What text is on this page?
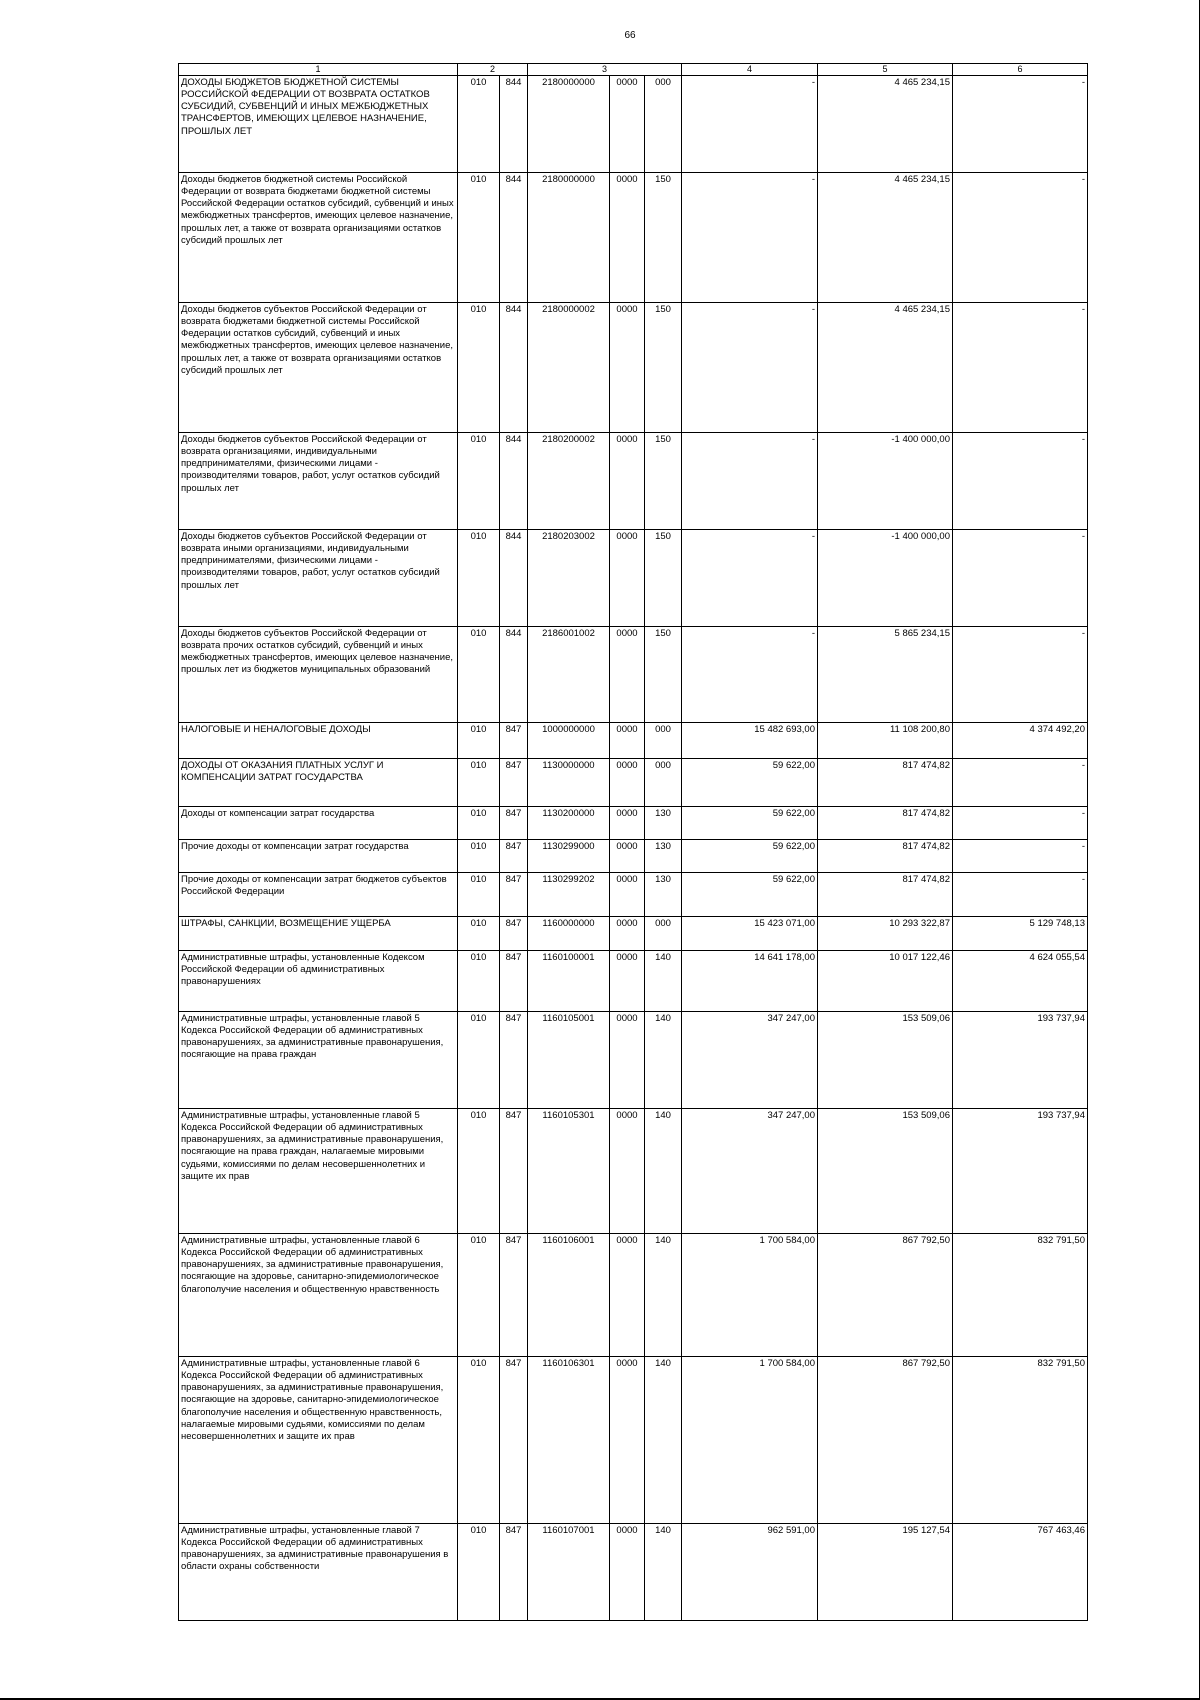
66
1	2		3			4	5	6
ДОХОДЫ БЮДЖЕТОВ БЮДЖЕТНОЙ СИСТЕМЫ РОССИЙСКОЙ ФЕДЕРАЦИИ ОТ ВОЗВРАТА ОСТАТКОВ СУБСИДИЙ, СУБВЕНЦИЙ И ИНЫХ МЕЖБЮДЖЕТНЫХ ТРАНСФЕРТОВ, ИМЕЮЩИХ ЦЕЛЕВОЕ НАЗНАЧЕНИЕ, ПРОШЛЫХ ЛЕТ	010	844	2180000000	0000	000	-	4 465 234,15	-
Доходы бюджетов бюджетной системы Российской Федерации от возврата бюджетами бюджетной системы Российской Федерации остатков субсидий, субвенций и иных межбюджетных трансфертов, имеющих целевое назначение, прошлых лет, а также от возврата организациями остатков субсидий прошлых лет	010	844	2180000000	0000	150	-	4 465 234,15	-
Доходы бюджетов субъектов Российской Федерации от возврата бюджетами бюджетной системы Российской Федерации остатков субсидий, субвенций и иных межбюджетных трансфертов, имеющих целевое назначение, прошлых лет, а также от возврата организациями остатков субсидий прошлых лет	010	844	2180000002	0000	150	-	4 465 234,15	-
Доходы бюджетов субъектов Российской Федерации от возврата организациями, индивидуальными предпринимателями, физическими лицами - производителями товаров, работ, услуг остатков субсидий прошлых лет	010	844	2180200002	0000	150	-	-1 400 000,00	-
Доходы бюджетов субъектов Российской Федерации от возврата иными организациями, индивидуальными предпринимателями, физическими лицами - производителями товаров, работ, услуг остатков субсидий прошлых лет	010	844	2180203002	0000	150	-	-1 400 000,00	-
Доходы бюджетов субъектов Российской Федерации от возврата прочих остатков субсидий, субвенций и иных межбюджетных трансфертов, имеющих целевое назначение, прошлых лет из бюджетов муниципальных образований	010	844	2186001002	0000	150	-	5 865 234,15	-
НАЛОГОВЫЕ И НЕНАЛОГОВЫЕ ДОХОДЫ	010	847	1000000000	0000	000	15 482 693,00	11 108 200,80	4 374 492,20
ДОХОДЫ ОТ ОКАЗАНИЯ ПЛАТНЫХ УСЛУГ И КОМПЕНСАЦИИ ЗАТРАТ ГОСУДАРСТВА	010	847	1130000000	0000	000	59 622,00	817 474,82	-
Доходы от компенсации затрат государства	010	847	1130200000	0000	130	59 622,00	817 474,82	-
Прочие доходы от компенсации затрат государства	010	847	1130299000	0000	130	59 622,00	817 474,82	-
Прочие доходы от компенсации затрат бюджетов субъектов Российской Федерации	010	847	1130299202	0000	130	59 622,00	817 474,82	-
ШТРАФЫ, САНКЦИИ, ВОЗМЕЩЕНИЕ УЩЕРБА	010	847	1160000000	0000	000	15 423 071,00	10 293 322,87	5 129 748,13
Административные штрафы, установленные Кодексом Российской Федерации об административных правонарушениях	010	847	1160100001	0000	140	14 641 178,00	10 017 122,46	4 624 055,54
Административные штрафы, установленные главой 5 Кодекса Российской Федерации об административных правонарушениях, за административные правонарушения, посягающие на права граждан	010	847	1160105001	0000	140	347 247,00	153 509,06	193 737,94
Административные штрафы, установленные главой 5 Кодекса Российской Федерации об административных правонарушениях, за административные правонарушения, посягающие на права граждан, налагаемые мировыми судьями, комиссиями по делам несовершеннолетних и защите их прав	010	847	1160105301	0000	140	347 247,00	153 509,06	193 737,94
Административные штрафы, установленные главой 6 Кодекса Российской Федерации об административных правонарушениях, за административные правонарушения, посягающие на здоровье, санитарно-эпидемиологическое благополучие населения и общественную нравственность	010	847	1160106001	0000	140	1 700 584,00	867 792,50	832 791,50
Административные штрафы, установленные главой 6 Кодекса Российской Федерации об административных правонарушениях, за административные правонарушения, посягающие на здоровье, санитарно-эпидемиологическое благополучие населения и общественную нравственность, налагаемые мировыми судьями, комиссиями по делам несовершеннолетних и защите их прав	010	847	1160106301	0000	140	1 700 584,00	867 792,50	832 791,50
Административные штрафы, установленные главой 7 Кодекса Российской Федерации об административных правонарушениях, за административные правонарушения в области охраны собственности	010	847	1160107001	0000	140	962 591,00	195 127,54	767 463,46
